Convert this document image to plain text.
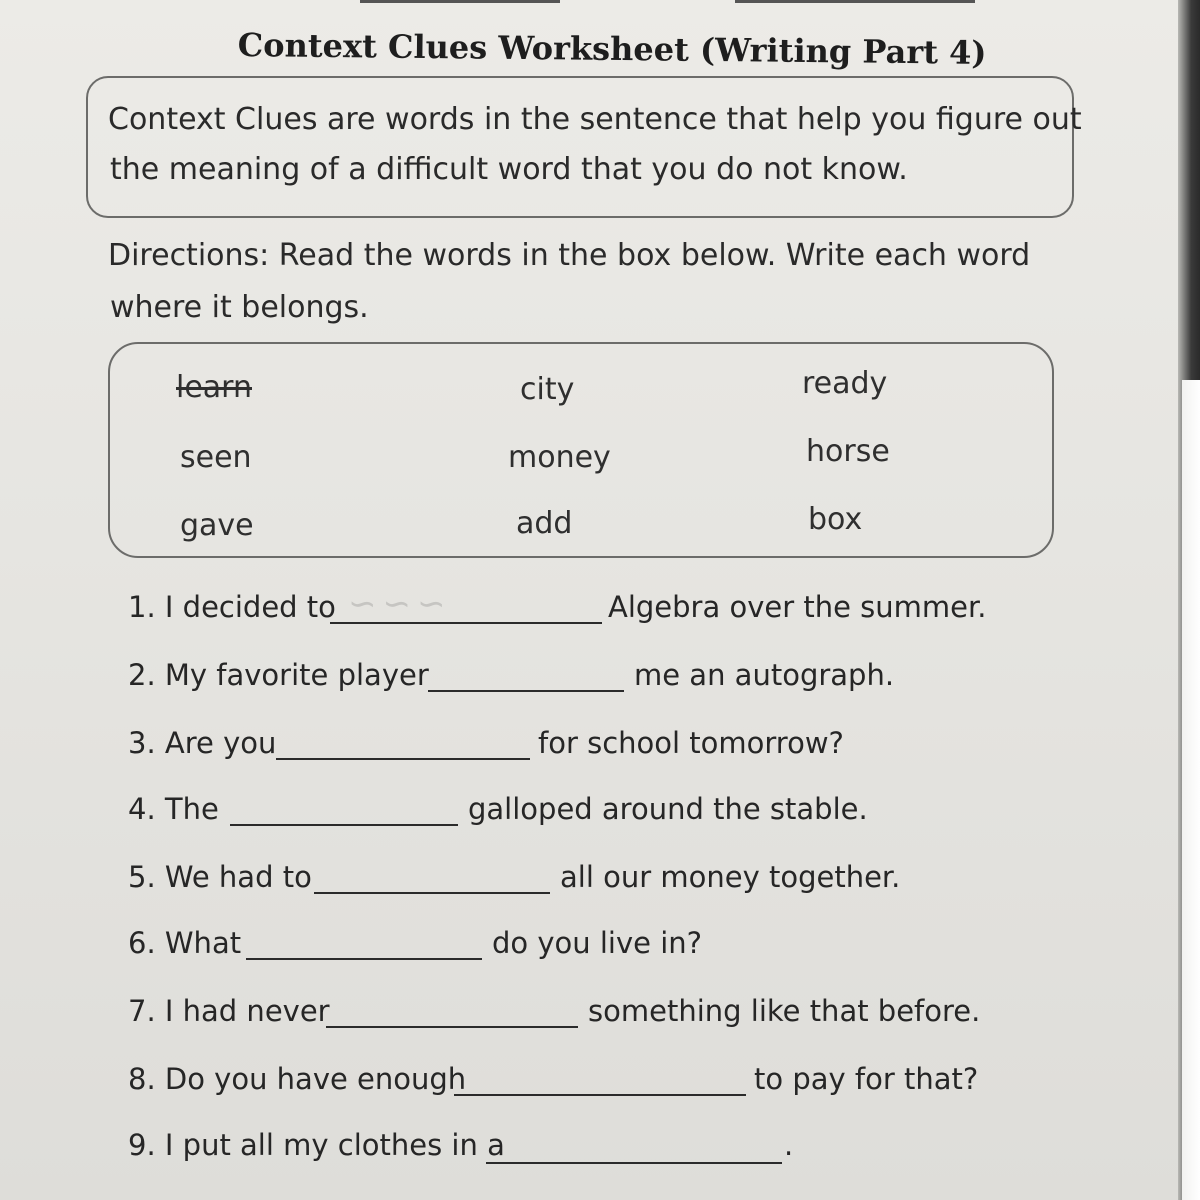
Context Clues Worksheet (Writing Part 4)
Context Clues are words in the sentence that help you figure out
the meaning of a difficult word that you do not know.
Directions: Read the words in the box below. Write each word
where it belongs.
learn	city	ready
seen	money	horse
gave	add	box
∽∽∽
1. I decided to	Algebra over the summer.
2. My favorite player	me an autograph.
3. Are you	for school tomorrow?
4. The	galloped around the stable.
5. We had to	all our money together.
6. What	do you live in?
7. I had never	something like that before.
8. Do you have enough	to pay for that?
9. I put all my clothes in a	.
